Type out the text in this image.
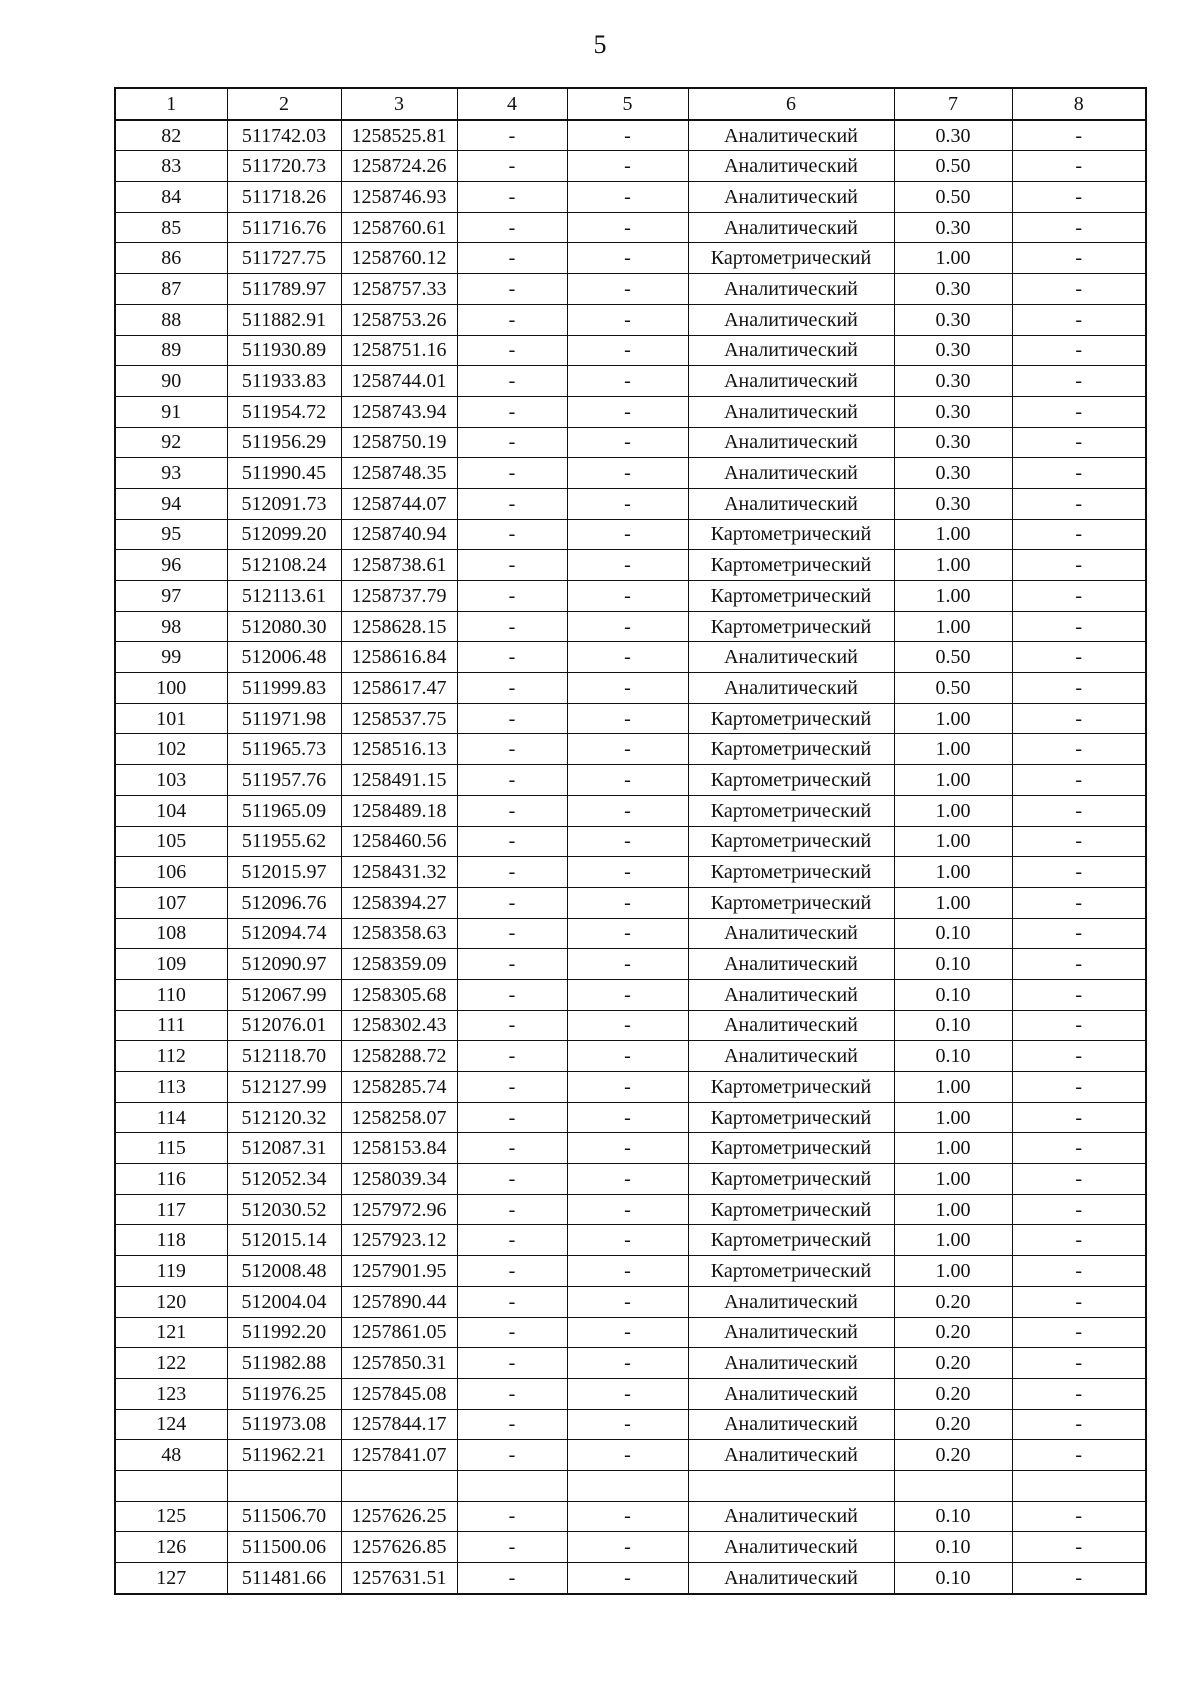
5
1	2	3	4	5	6	7	8
82	511742.03	1258525.81	-	-	Аналитический	0.30	-
83	511720.73	1258724.26	-	-	Аналитический	0.50	-
84	511718.26	1258746.93	-	-	Аналитический	0.50	-
85	511716.76	1258760.61	-	-	Аналитический	0.30	-
86	511727.75	1258760.12	-	-	Картометрический	1.00	-
87	511789.97	1258757.33	-	-	Аналитический	0.30	-
88	511882.91	1258753.26	-	-	Аналитический	0.30	-
89	511930.89	1258751.16	-	-	Аналитический	0.30	-
90	511933.83	1258744.01	-	-	Аналитический	0.30	-
91	511954.72	1258743.94	-	-	Аналитический	0.30	-
92	511956.29	1258750.19	-	-	Аналитический	0.30	-
93	511990.45	1258748.35	-	-	Аналитический	0.30	-
94	512091.73	1258744.07	-	-	Аналитический	0.30	-
95	512099.20	1258740.94	-	-	Картометрический	1.00	-
96	512108.24	1258738.61	-	-	Картометрический	1.00	-
97	512113.61	1258737.79	-	-	Картометрический	1.00	-
98	512080.30	1258628.15	-	-	Картометрический	1.00	-
99	512006.48	1258616.84	-	-	Аналитический	0.50	-
100	511999.83	1258617.47	-	-	Аналитический	0.50	-
101	511971.98	1258537.75	-	-	Картометрический	1.00	-
102	511965.73	1258516.13	-	-	Картометрический	1.00	-
103	511957.76	1258491.15	-	-	Картометрический	1.00	-
104	511965.09	1258489.18	-	-	Картометрический	1.00	-
105	511955.62	1258460.56	-	-	Картометрический	1.00	-
106	512015.97	1258431.32	-	-	Картометрический	1.00	-
107	512096.76	1258394.27	-	-	Картометрический	1.00	-
108	512094.74	1258358.63	-	-	Аналитический	0.10	-
109	512090.97	1258359.09	-	-	Аналитический	0.10	-
110	512067.99	1258305.68	-	-	Аналитический	0.10	-
111	512076.01	1258302.43	-	-	Аналитический	0.10	-
112	512118.70	1258288.72	-	-	Аналитический	0.10	-
113	512127.99	1258285.74	-	-	Картометрический	1.00	-
114	512120.32	1258258.07	-	-	Картометрический	1.00	-
115	512087.31	1258153.84	-	-	Картометрический	1.00	-
116	512052.34	1258039.34	-	-	Картометрический	1.00	-
117	512030.52	1257972.96	-	-	Картометрический	1.00	-
118	512015.14	1257923.12	-	-	Картометрический	1.00	-
119	512008.48	1257901.95	-	-	Картометрический	1.00	-
120	512004.04	1257890.44	-	-	Аналитический	0.20	-
121	511992.20	1257861.05	-	-	Аналитический	0.20	-
122	511982.88	1257850.31	-	-	Аналитический	0.20	-
123	511976.25	1257845.08	-	-	Аналитический	0.20	-
124	511973.08	1257844.17	-	-	Аналитический	0.20	-
48	511962.21	1257841.07	-	-	Аналитический	0.20	-

125	511506.70	1257626.25	-	-	Аналитический	0.10	-
126	511500.06	1257626.85	-	-	Аналитический	0.10	-
127	511481.66	1257631.51	-	-	Аналитический	0.10	-
